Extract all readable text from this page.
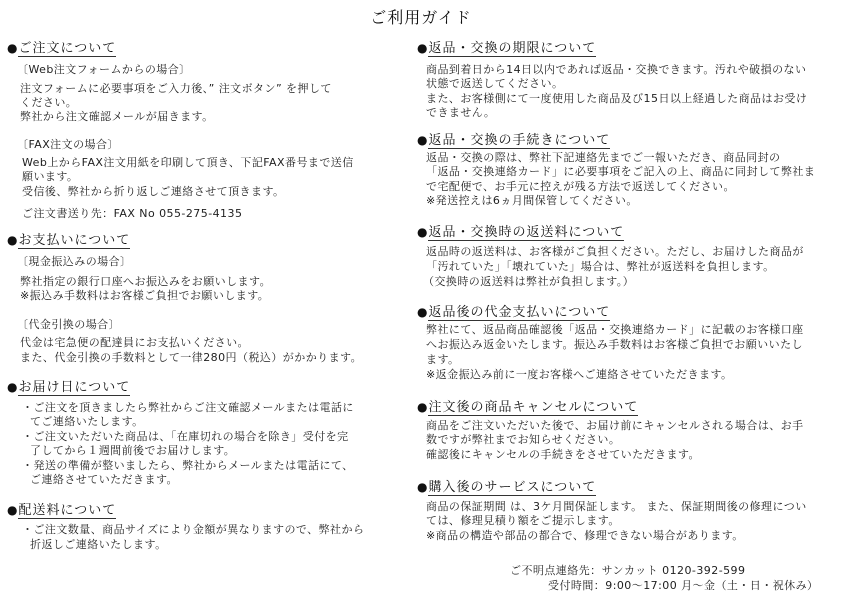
ご利用ガイド
●ご注文について
〔Web注文フォームからの場合〕
注文フォームに必要事項をご入力後、” 注文ボタン” を押して
ください。
弊社から注文確認メールが届きます。
〔FAX注文の場合〕
Web上からFAX注文用紙を印刷して頂き、下記FAX番号まで送信
願います。
受信後、弊社から折り返しご連絡させて頂きます。
ご注文書送り先：FAX No 055-275-4135
●お支払いについて
〔現金振込みの場合〕
弊社指定の銀行口座へお振込みをお願いします。
※振込み手数料はお客様ご負担でお願いします。
〔代金引換の場合〕
代金は宅急便の配達員にお支払いください。
また、代金引換の手数料として一律280円（税込）がかかります。
●お届け日について
・ご注文を頂きましたら弊社からご注文確認メールまたは電話に
てご連絡いたします。
・ご注文いただいた商品は、「在庫切れの場合を除き」受付を完
了してから１週間前後でお届けします。
・発送の準備が整いましたら、弊社からメールまたは電話にて、
ご連絡させていただきます。
●配送料について
・ご注文数量、商品サイズにより金額が異なりますので、弊社から
折返しご連絡いたします。
●返品・交換の期限について
商品到着日から14日以内であれば返品・交換できます。汚れや破損のない
状態で返送してください。
また、お客様側にて一度使用した商品及び15日以上経過した商品はお受け
できません。
●返品・交換の手続きについて
返品・交換の際は、弊社下記連絡先までご一報いただき、商品同封の
「返品・交換連絡カード」に必要事項をご記入の上、商品に同封して弊社ま
で宅配便で、お手元に控えが残る方法で返送してください。
※発送控えは6ヵ月間保管してください。
●返品・交換時の返送料について
返品時の返送料は、お客様がご負担ください。ただし、お届けした商品が
「汚れていた」「壊れていた」場合は、弊社が返送料を負担します。
（交換時の返送料は弊社が負担します。）
●返品後の代金支払いについて
弊社にて、返品商品確認後「返品・交換連絡カード」に記載のお客様口座
へお振込み返金いたします。振込み手数料はお客様ご負担でお願いいたし
ます。
※返金振込み前に一度お客様へご連絡させていただきます。
●注文後の商品キャンセルについて
商品をご注文いただいた後で、お届け前にキャンセルされる場合は、お手
数ですが弊社までお知らせください。
確認後にキャンセルの手続きをさせていただきます。
●購入後のサービスについて
商品の保証期間 は、3ケ月間保証します。 また、保証期間後の修理につい
ては、修理見積り額をご提示します。
※商品の構造や部品の都合で、修理できない場合があります。
ご不明点連絡先：サンカット 0120-392-599
受付時間：9:00～17:00 月～金（土・日・祝休み）
